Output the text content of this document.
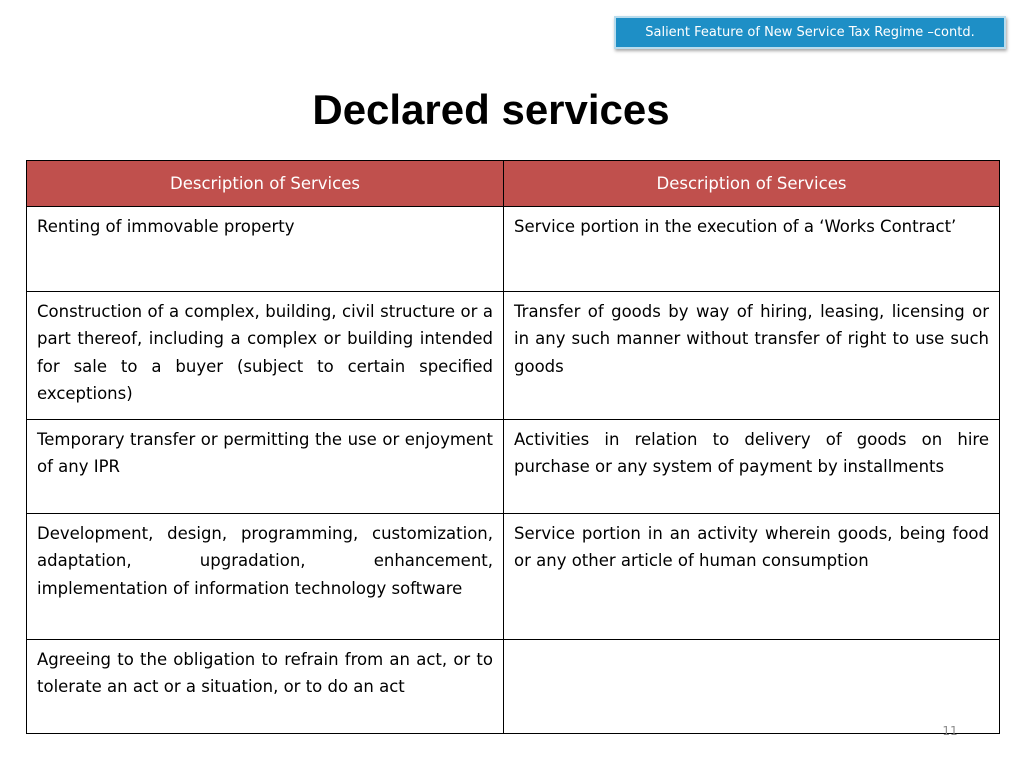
Salient Feature of New Service Tax Regime –contd.
Declared services
Description of Services	Description of Services
Renting of immovable property	Service portion in the execution of a ‘Works Contract’
Construction of a complex, building, civil structure or a part thereof, including a complex or building intended for sale to a buyer (subject to certain specified exceptions)	Transfer of goods by way of hiring, leasing, licensing or in any such manner without transfer of right to use such goods
Temporary transfer or permitting the use or enjoyment of any IPR	Activities in relation to delivery of goods on hire purchase or any system of payment by installments
Development, design, programming, customization, adaptation, upgradation, enhancement, implementation of information technology software	Service portion in an activity wherein goods, being food or any other article of human consumption
Agreeing to the obligation to refrain from an act, or to tolerate an act or a situation, or to do an act	
11
